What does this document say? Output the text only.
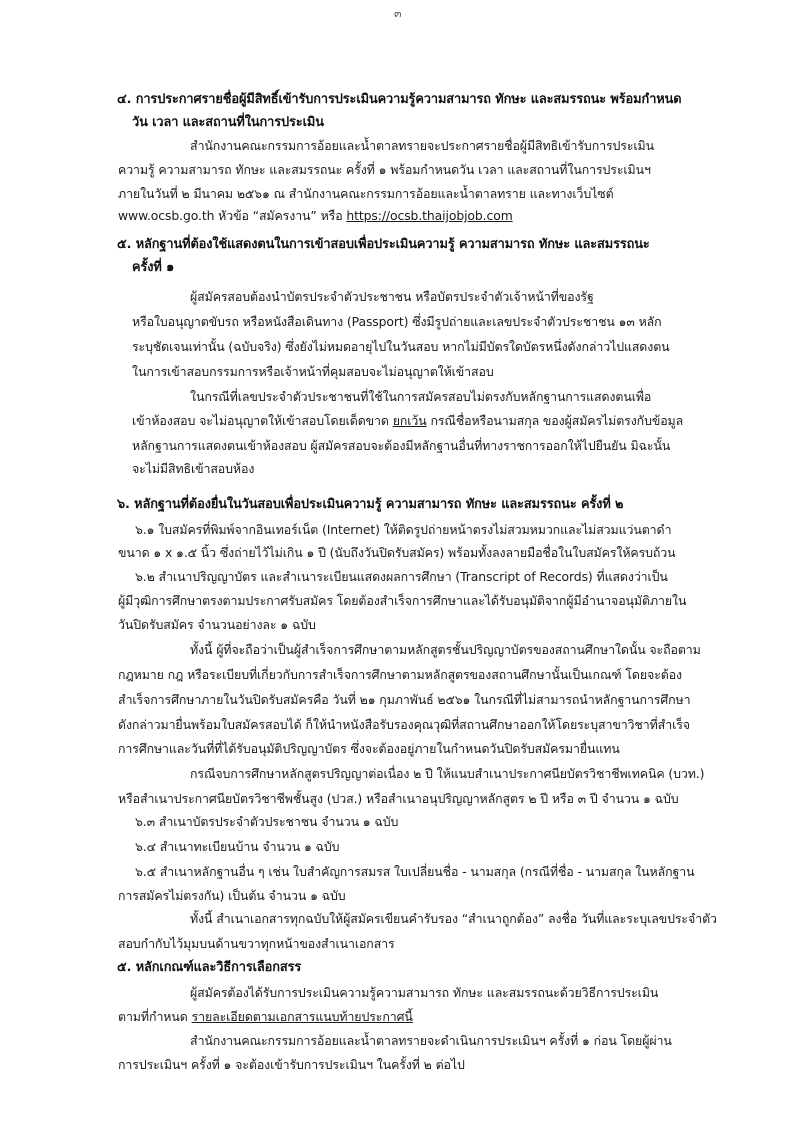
๓
๔. การประกาศรายชื่อผู้มีสิทธิ์เข้ารับการประเมินความรู้ความสามารถ ทักษะ และสมรรถนะ พร้อมกำหนด
วัน เวลา และสถานที่ในการประเมิน
สำนักงานคณะกรรมการอ้อยและน้ำตาลทรายจะประกาศรายชื่อผู้มีสิทธิเข้ารับการประเมิน
ความรู้ ความสามารถ ทักษะ และสมรรถนะ ครั้งที่ ๑ พร้อมกำหนดวัน เวลา และสถานที่ในการประเมินฯ
ภายในวันที่ ๒ มีนาคม ๒๕๖๑ ณ สำนักงานคณะกรรมการอ้อยและน้ำตาลทราย และทางเว็บไซต์
www.ocsb.go.th หัวข้อ “สมัครงาน” หรือ https://ocsb.thaijobjob.com
๕. หลักฐานที่ต้องใช้แสดงตนในการเข้าสอบเพื่อประเมินความรู้ ความสามารถ ทักษะ และสมรรถนะ
ครั้งที่ ๑
ผู้สมัครสอบต้องนำบัตรประจำตัวประชาชน หรือบัตรประจำตัวเจ้าหน้าที่ของรัฐ
หรือใบอนุญาตขับรถ หรือหนังสือเดินทาง (Passport) ซึ่งมีรูปถ่ายและเลขประจำตัวประชาชน ๑๓ หลัก
ระบุชัดเจนเท่านั้น (ฉบับจริง) ซึ่งยังไม่หมดอายุไปในวันสอบ หากไม่มีบัตรใดบัตรหนึ่งดังกล่าวไปแสดงตน
ในการเข้าสอบกรรมการหรือเจ้าหน้าที่คุมสอบจะไม่อนุญาตให้เข้าสอบ
ในกรณีที่เลขประจำตัวประชาชนที่ใช้ในการสมัครสอบไม่ตรงกับหลักฐานการแสดงตนเพื่อ
เข้าห้องสอบ จะไม่อนุญาตให้เข้าสอบโดยเด็ดขาด ยกเว้น กรณีชื่อหรือนามสกุล ของผู้สมัครไม่ตรงกับข้อมูล
หลักฐานการแสดงตนเข้าห้องสอบ ผู้สมัครสอบจะต้องมีหลักฐานอื่นที่ทางราชการออกให้ไปยืนยัน มิฉะนั้น
จะไม่มีสิทธิเข้าสอบห้อง
๖. หลักฐานที่ต้องยื่นในวันสอบเพื่อประเมินความรู้ ความสามารถ ทักษะ และสมรรถนะ ครั้งที่ ๒
๖.๑ ใบสมัครที่พิมพ์จากอินเทอร์เน็ต (Internet) ให้ติดรูปถ่ายหน้าตรงไม่สวมหมวกและไม่สวมแว่นตาดำ
ขนาด ๑ x ๑.๕ นิ้ว ซึ่งถ่ายไว้ไม่เกิน ๑ ปี (นับถึงวันปิดรับสมัคร) พร้อมทั้งลงลายมือชื่อในใบสมัครให้ครบถ้วน
๖.๒ สำเนาปริญญาบัตร และสำเนาระเบียนแสดงผลการศึกษา (Transcript of Records) ที่แสดงว่าเป็น
ผู้มีวุฒิการศึกษาตรงตามประกาศรับสมัคร โดยต้องสำเร็จการศึกษาและได้รับอนุมัติจากผู้มีอำนาจอนุมัติภายใน
วันปิดรับสมัคร จำนวนอย่างละ ๑ ฉบับ
ทั้งนี้ ผู้ที่จะถือว่าเป็นผู้สำเร็จการศึกษาตามหลักสูตรชั้นปริญญาบัตรของสถานศึกษาใดนั้น จะถือตาม
กฎหมาย กฎ หรือระเบียบที่เกี่ยวกับการสำเร็จการศึกษาตามหลักสูตรของสถานศึกษานั้นเป็นเกณฑ์ โดยจะต้อง
สำเร็จการศึกษาภายในวันปิดรับสมัครคือ วันที่ ๒๑ กุมภาพันธ์ ๒๕๖๑ ในกรณีที่ไม่สามารถนำหลักฐานการศึกษา
ดังกล่าวมายื่นพร้อมใบสมัครสอบได้ ก็ให้นำหนังสือรับรองคุณวุฒิที่สถานศึกษาออกให้โดยระบุสาขาวิชาที่สำเร็จ
การศึกษาและวันที่ที่ได้รับอนุมัติปริญญาบัตร ซึ่งจะต้องอยู่ภายในกำหนดวันปิดรับสมัครมายื่นแทน
กรณีจบการศึกษาหลักสูตรปริญญาต่อเนื่อง ๒ ปี ให้แนบสำเนาประกาศนียบัตรวิชาชีพเทคนิค (บวท.)
หรือสำเนาประกาศนียบัตรวิชาชีพชั้นสูง (ปวส.) หรือสำเนาอนุปริญญาหลักสูตร ๒ ปี หรือ ๓ ปี จำนวน ๑ ฉบับ
๖.๓ สำเนาบัตรประจำตัวประชาชน จำนวน ๑ ฉบับ
๖.๔ สำเนาทะเบียนบ้าน จำนวน ๑ ฉบับ
๖.๕ สำเนาหลักฐานอื่น ๆ เช่น ใบสำคัญการสมรส ใบเปลี่ยนชื่อ - นามสกุล (กรณีที่ชื่อ - นามสกุล ในหลักฐาน
การสมัครไม่ตรงกัน) เป็นต้น จำนวน ๑ ฉบับ
ทั้งนี้ สำเนาเอกสารทุกฉบับให้ผู้สมัครเขียนคำรับรอง “สำเนาถูกต้อง” ลงชื่อ วันที่และระบุเลขประจำตัว
สอบกำกับไว้มุมบนด้านขวาทุกหน้าของสำเนาเอกสาร
๕. หลักเกณฑ์และวิธีการเลือกสรร
ผู้สมัครต้องได้รับการประเมินความรู้ความสามารถ ทักษะ และสมรรถนะด้วยวิธีการประเมิน
ตามที่กำหนด รายละเอียดตามเอกสารแนบท้ายประกาศนี้
สำนักงานคณะกรรมการอ้อยและน้ำตาลทรายจะดำเนินการประเมินฯ ครั้งที่ ๑ ก่อน โดยผู้ผ่าน
การประเมินฯ ครั้งที่ ๑ จะต้องเข้ารับการประเมินฯ ในครั้งที่ ๒ ต่อไป
